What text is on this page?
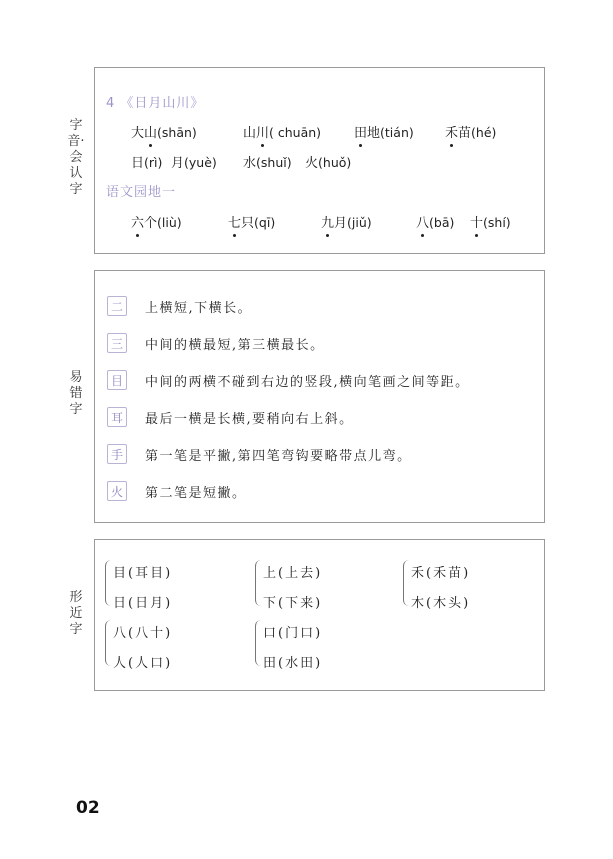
字音·会认字
易错字
形近字
4 《日月山川》
大山(shān)	山川( chuān)	田地(tián) 禾苗(hé)
日(rì) 月(yuè) 水(shuǐ) 火(huǒ)
语文园地一
六个(liù)	七只(qī)	九月(jiǔ)	八(bā) 十(shí)
二	上横短,下横长。
三	中间的横最短,第三横最长。
目	中间的两横不碰到右边的竖段,横向笔画之间等距。
耳	最后一横是长横,要稍向右上斜。
手	第一笔是平撇,第四笔弯钩要略带点儿弯。
火	第二笔是短撇。
目(耳目)
日(日月)
上(上去)
下(下来)
禾(禾苗)
木(木头)
八(八十)
人(人口)
口(门口)
田(水田)
02
